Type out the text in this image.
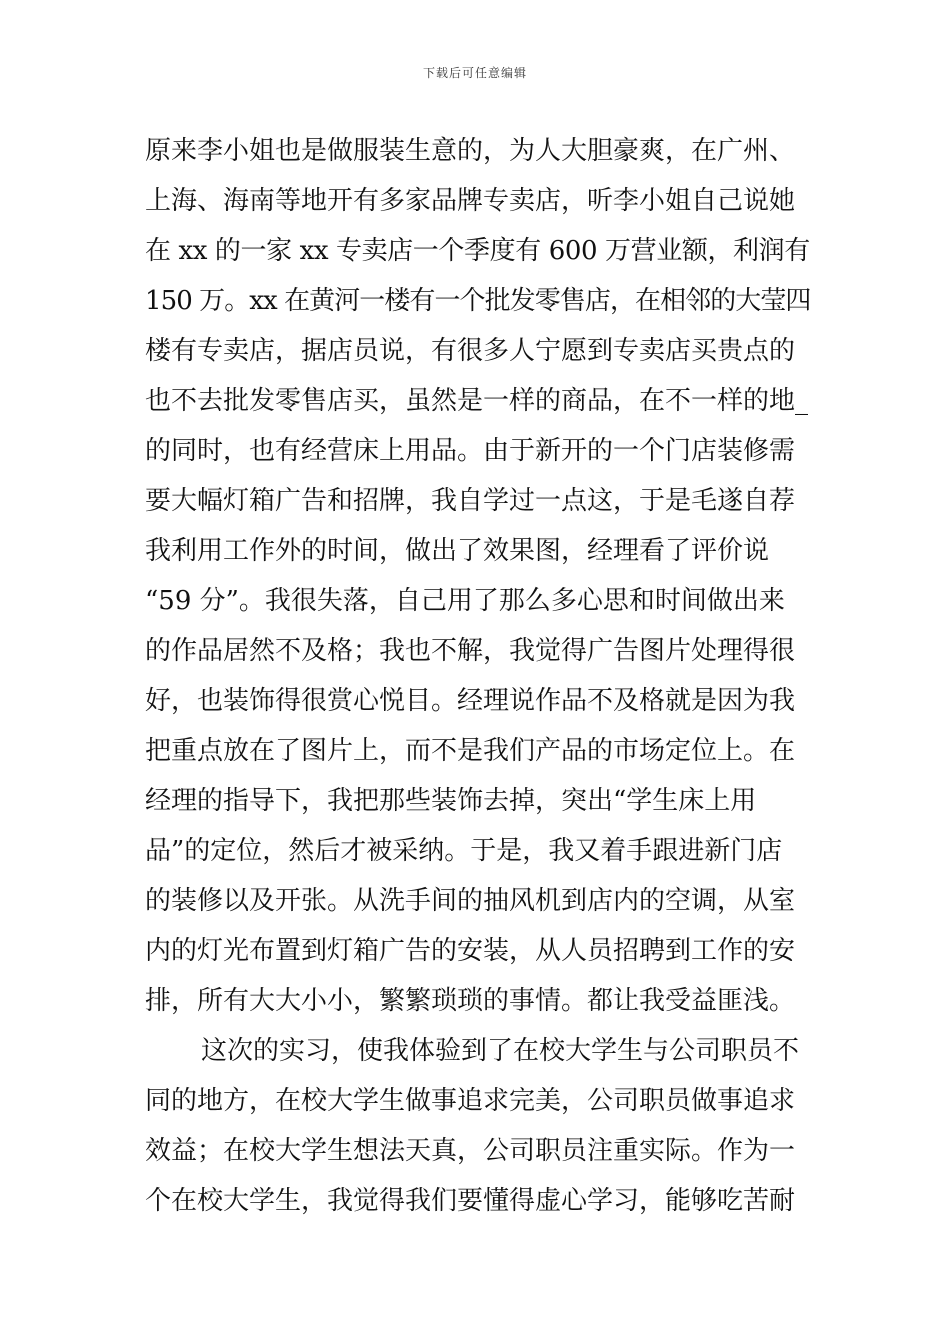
下载后可任意编辑
原来李小姐也是做服装生意的，为人大胆豪爽，在广州、
上海、海南等地开有多家品牌专卖店，听李小姐自己说她
在 xx 的一家 xx 专卖店一个季度有 600 万营业额，利润有
150 万。xx 在黄河一楼有一个批发零售店，在相邻的大莹四
楼有专卖店，据店员说，有很多人宁愿到专卖店买贵点的
也不去批发零售店买，虽然是一样的商品，在不一样的地_
的同时，也有经营床上用品。由于新开的一个门店装修需
要大幅灯箱广告和招牌，我自学过一点这，于是毛遂自荐
我利用工作外的时间，做出了效果图，经理看了评价说
“59 分”。我很失落，自己用了那么多心思和时间做出来
的作品居然不及格；我也不解，我觉得广告图片处理得很
好，也装饰得很赏心悦目。经理说作品不及格就是因为我
把重点放在了图片上，而不是我们产品的市场定位上。在
经理的指导下，我把那些装饰去掉，突出“学生床上用
品”的定位，然后才被采纳。于是，我又着手跟进新门店
的装修以及开张。从洗手间的抽风机到店内的空调，从室
内的灯光布置到灯箱广告的安装，从人员招聘到工作的安
排，所有大大小小，繁繁琐琐的事情。都让我受益匪浅。
这次的实习，使我体验到了在校大学生与公司职员不
同的地方，在校大学生做事追求完美，公司职员做事追求
效益；在校大学生想法天真，公司职员注重实际。作为一
个在校大学生，我觉得我们要懂得虚心学习，能够吃苦耐
